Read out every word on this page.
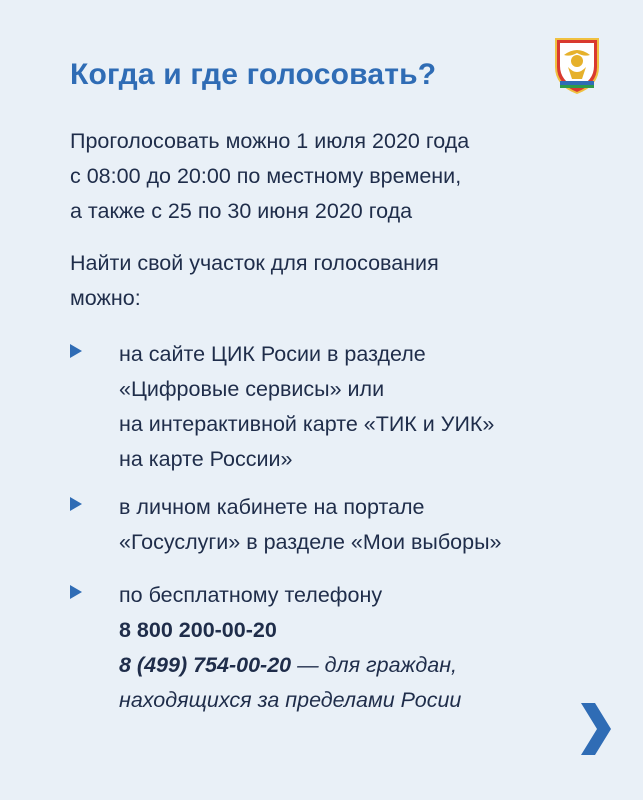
Когда и где голосовать?
Проголосовать можно 1 июля 2020 года
с 08:00 до 20:00 по местному времени,
а также с 25 по 30 июня 2020 года
Найти свой участок для голосования
можно:
на сайте ЦИК Росии в разделе
«Цифровые сервисы» или
на интерактивной карте «ТИК и УИК»
на карте России»
в личном кабинете на портале
«Госуслуги» в разделе «Мои выборы»
по бесплатному телефону
8 800 200-00-20
8 (499) 754-00-20 — для граждан,
находящихся за пределами Росии
